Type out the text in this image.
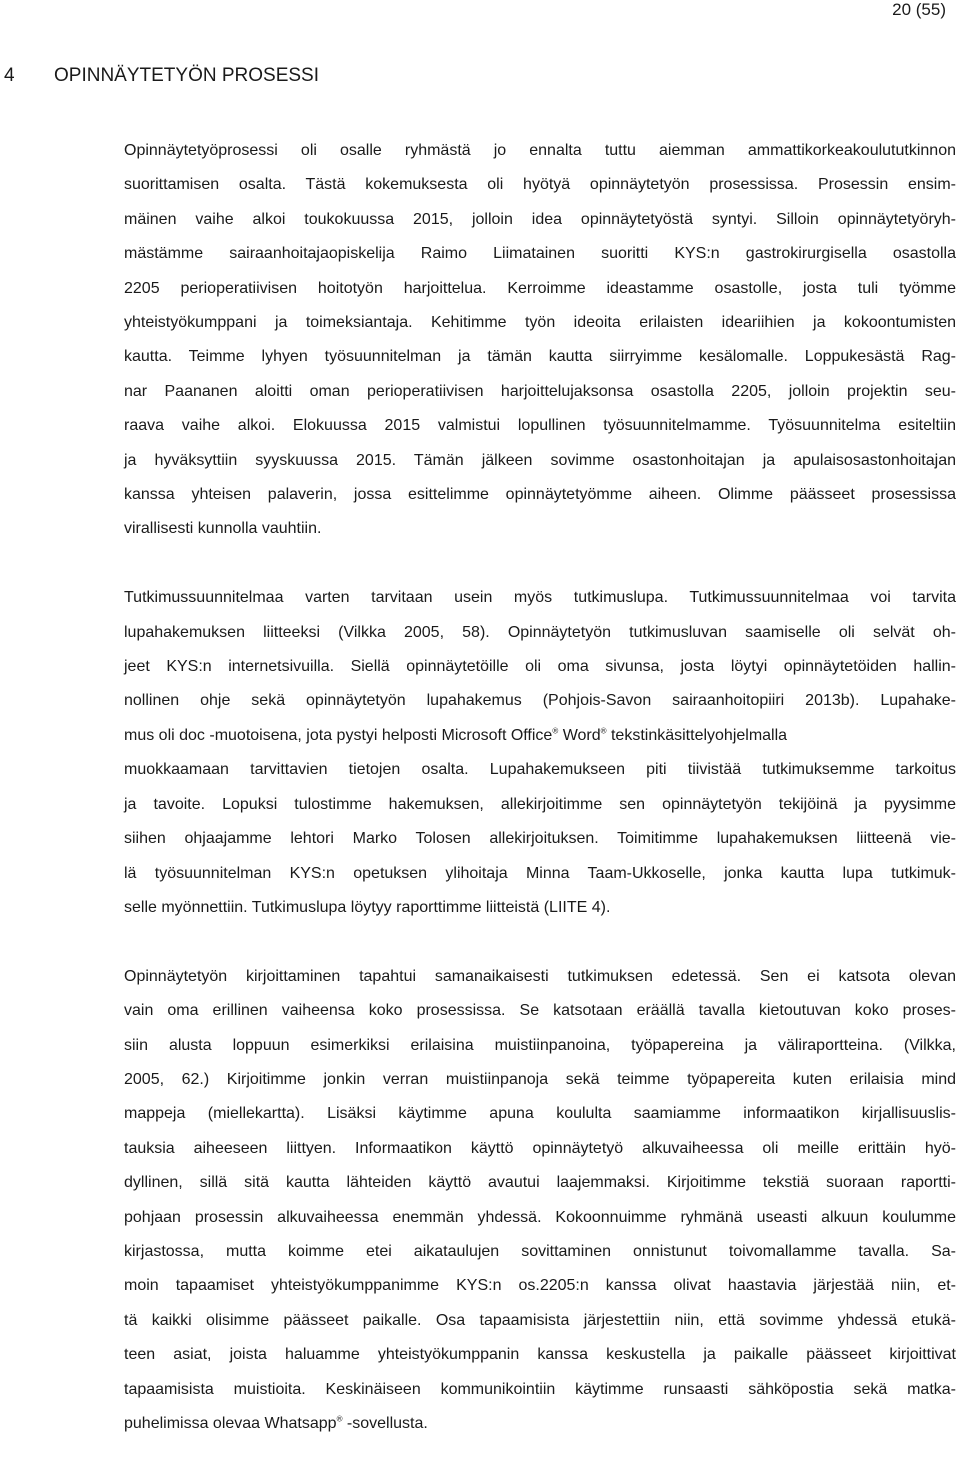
20 (55)
4 OPINNÄYTETYÖN PROSESSI
Opinnäytetyöprosessi oli osalle ryhmästä jo ennalta tuttu aiemman ammattikorkeakoulututkinnon
suorittamisen osalta. Tästä kokemuksesta oli hyötyä opinnäytetyön prosessissa. Prosessin ensim-
mäinen vaihe alkoi toukokuussa 2015, jolloin idea opinnäytetyöstä syntyi. Silloin opinnäytetyöryh-
mästämme sairaanhoitajaopiskelija Raimo Liimatainen suoritti KYS:n gastrokirurgisella osastolla
2205 perioperatiivisen hoitotyön harjoittelua. Kerroimme ideastamme osastolle, josta tuli työmme
yhteistyökumppani ja toimeksiantaja. Kehitimme työn ideoita erilaisten ideariihien ja kokoontumisten
kautta. Teimme lyhyen työsuunnitelman ja tämän kautta siirryimme kesälomalle. Loppukesästä Rag-
nar Paananen aloitti oman perioperatiivisen harjoittelujaksonsa osastolla 2205, jolloin projektin seu-
raava vaihe alkoi. Elokuussa 2015 valmistui lopullinen työsuunnitelmamme. Työsuunnitelma esiteltiin
ja hyväksyttiin syyskuussa 2015. Tämän jälkeen sovimme osastonhoitajan ja apulaisosastonhoitajan
kanssa yhteisen palaverin, jossa esittelimme opinnäytetyömme aiheen. Olimme päässeet prosessissa
virallisesti kunnolla vauhtiin.
Tutkimussuunnitelmaa varten tarvitaan usein myös tutkimuslupa. Tutkimussuunnitelmaa voi tarvita
lupahakemuksen liitteeksi (Vilkka 2005, 58). Opinnäytetyön tutkimusluvan saamiselle oli selvät oh-
jeet KYS:n internetsivuilla. Siellä opinnäytetöille oli oma sivunsa, josta löytyi opinnäytetöiden hallin-
nollinen ohje sekä opinnäytetyön lupahakemus (Pohjois-Savon sairaanhoitopiiri 2013b). Lupahake-
mus oli doc -muotoisena, jota pystyi helposti Microsoft Office® Word® tekstinkäsittelyohjelmalla
muokkaamaan tarvittavien tietojen osalta. Lupahakemukseen piti tiivistää tutkimuksemme tarkoitus
ja tavoite. Lopuksi tulostimme hakemuksen, allekirjoitimme sen opinnäytetyön tekijöinä ja pyysimme
siihen ohjaajamme lehtori Marko Tolosen allekirjoituksen. Toimitimme lupahakemuksen liitteenä vie-
lä työsuunnitelman KYS:n opetuksen ylihoitaja Minna Taam-Ukkoselle, jonka kautta lupa tutkimuk-
selle myönnettiin. Tutkimuslupa löytyy raporttimme liitteistä (LIITE 4).
Opinnäytetyön kirjoittaminen tapahtui samanaikaisesti tutkimuksen edetessä. Sen ei katsota olevan
vain oma erillinen vaiheensa koko prosessissa. Se katsotaan eräällä tavalla kietoutuvan koko proses-
siin alusta loppuun esimerkiksi erilaisina muistiinpanoina, työpapereina ja väliraportteina. (Vilkka,
2005, 62.) Kirjoitimme jonkin verran muistiinpanoja sekä teimme työpapereita kuten erilaisia mind
mappeja (miellekartta). Lisäksi käytimme apuna koululta saamiamme informaatikon kirjallisuuslis-
tauksia aiheeseen liittyen. Informaatikon käyttö opinnäytetyö alkuvaiheessa oli meille erittäin hyö-
dyllinen, sillä sitä kautta lähteiden käyttö avautui laajemmaksi. Kirjoitimme tekstiä suoraan raportti-
pohjaan prosessin alkuvaiheessa enemmän yhdessä. Kokoonnuimme ryhmänä useasti alkuun koulumme
kirjastossa, mutta koimme etei aikataulujen sovittaminen onnistunut toivomallamme tavalla. Sa-
moin tapaamiset yhteistyökumppanimme KYS:n os.2205:n kanssa olivat haastavia järjestää niin, et-
tä kaikki olisimme päässeet paikalle. Osa tapaamisista järjestettiin niin, että sovimme yhdessä etukä-
teen asiat, joista haluamme yhteistyökumppanin kanssa keskustella ja paikalle päässeet kirjoittivat
tapaamisista muistioita. Keskinäiseen kommunikointiin käytimme runsaasti sähköpostia sekä matka-
puhelimissa olevaa Whatsapp® -sovellusta.
